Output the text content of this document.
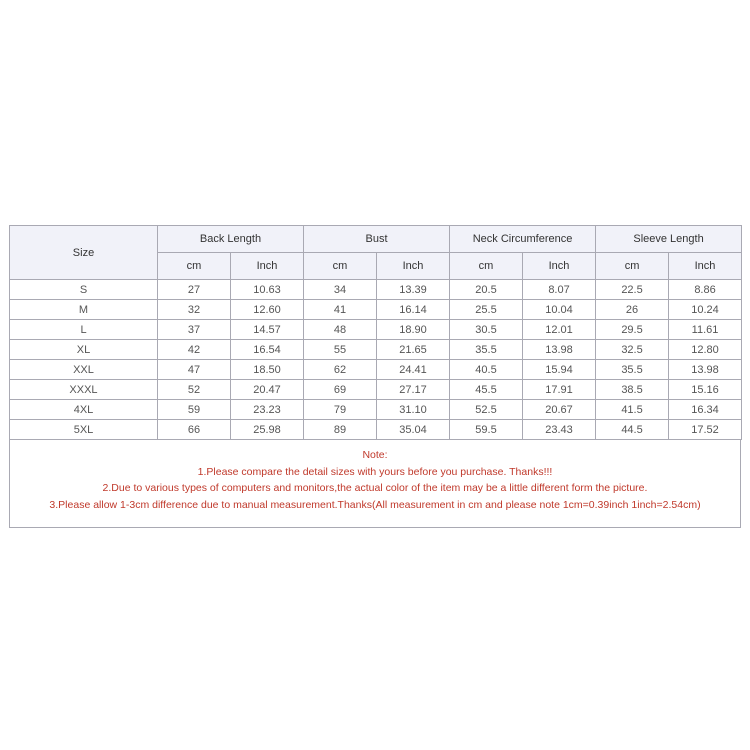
Size	Back Length		Bust		Neck Circumference		Sleeve Length	
	cm	Inch	cm	Inch	cm	Inch	cm	Inch
S	27	10.63	34	13.39	20.5	8.07	22.5	8.86
M	32	12.60	41	16.14	25.5	10.04	26	10.24
L	37	14.57	48	18.90	30.5	12.01	29.5	11.61
XL	42	16.54	55	21.65	35.5	13.98	32.5	12.80
XXL	47	18.50	62	24.41	40.5	15.94	35.5	13.98
XXXL	52	20.47	69	27.17	45.5	17.91	38.5	15.16
4XL	59	23.23	79	31.10	52.5	20.67	41.5	16.34
5XL	66	25.98	89	35.04	59.5	23.43	44.5	17.52
Note:
1.Please compare the detail sizes with yours before you purchase. Thanks!!!
2.Due to various types of computers and monitors,the actual color of the item may be a little different form the picture.
3.Please allow 1-3cm difference due to manual measurement.Thanks(All measurement in cm and please note 1cm=0.39inch 1inch=2.54cm)
